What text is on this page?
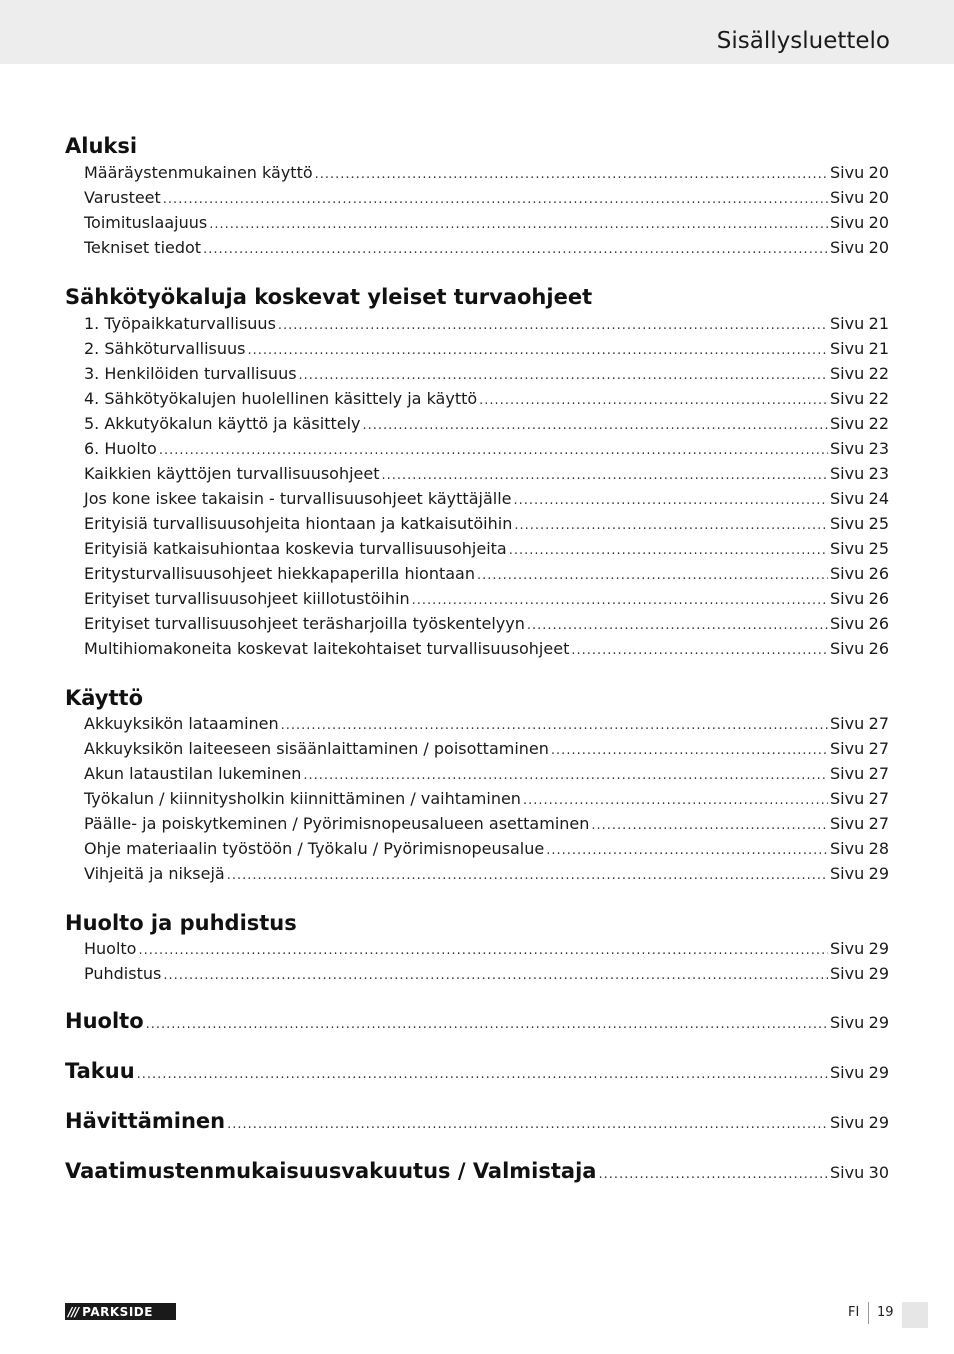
Sisällysluettelo
Aluksi
Määräystenmukainen käyttö .....	Sivu 20
Varusteet .....	Sivu 20
Toimituslaajuus .....	Sivu 20
Tekniset tiedot .....	Sivu 20
Sähkötyökaluja koskevat yleiset turvaohjeet
1. Työpaikkaturvallisuus .....	Sivu 21
2. Sähköturvallisuus .....	Sivu 21
3. Henkilöiden turvallisuus .....	Sivu 22
4. Sähkötyökalujen huolellinen käsittely ja käyttö .....	Sivu 22
5. Akkutyökalun käyttö ja käsittely .....	Sivu 22
6. Huolto .....	Sivu 23
Kaikkien käyttöjen turvallisuusohjeet .....	Sivu 23
Jos kone iskee takaisin - turvallisuusohjeet käyttäjälle .....	Sivu 24
Erityisiä turvallisuusohjeita hiontaan ja katkaisutöihin .....	Sivu 25
Erityisiä katkaisuhiontaa koskevia turvallisuusohjeita .....	Sivu 25
Eritysturvallisuusohjeet hiekkapaperilla hiontaan .....	Sivu 26
Erityiset turvallisuusohjeet kiillotustöihin .....	Sivu 26
Erityiset turvallisuusohjeet teräsharjoilla työskentelyyn .....	Sivu 26
Multihiomakoneita koskevat laitekohtaiset turvallisuusohjeet .....	Sivu 26
Käyttö
Akkuyksikön lataaminen .....	Sivu 27
Akkuyksikön laiteeseen sisäänlaittaminen / poisottaminen .....	Sivu 27
Akun lataustilan lukeminen .....	Sivu 27
Työkalun / kiinnitysholkin kiinnittäminen / vaihtaminen .....	Sivu 27
Päälle- ja poiskytkeminen / Pyörimisnopeusalueen asettaminen .....	Sivu 27
Ohje materiaalin työstöön / Työkalu / Pyörimisnopeusalue .....	Sivu 28
Vihjeitä ja niksejä .....	Sivu 29
Huolto ja puhdistus
Huolto .....	Sivu 29
Puhdistus .....	Sivu 29
Huolto .....	Sivu 29
Takuu .....	Sivu 29
Hävittäminen .....	Sivu 29
Vaatimustenmukaisuusvakuutus / Valmistaja .....	Sivu 30
/// PARKSIDE	FI 19
